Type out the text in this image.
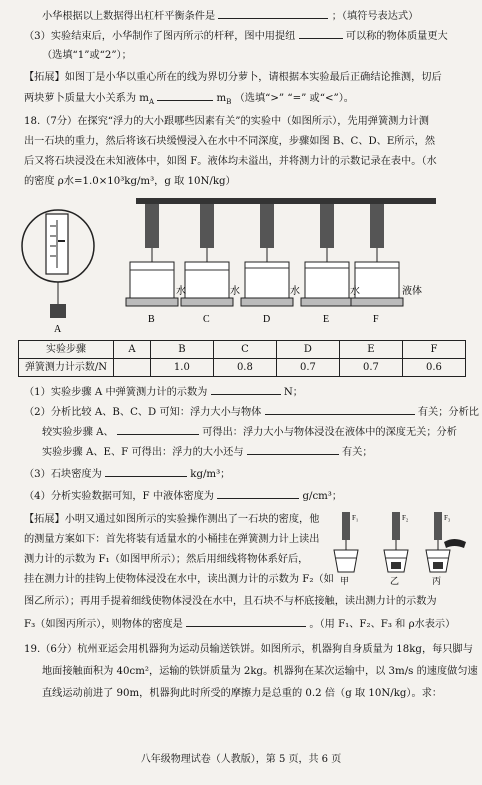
小华根据以上数据得出杠杆平衡条件是	；（填符号表达式）
（3）实验结束后，小华制作了图丙所示的杆秤，图中用提纽	可以称的物体质量更大
（选填“1”或“2”）；
【拓展】如图丁是小华以重心所在的线为界切分萝卜，请根据本实验最后正确结论推测，切后
两块萝卜质量大小关系为 $m_A$	$m_B$ （选填“>” “=” 或“<”）。
18.（7分）在探究“浮力的大小跟哪些因素有关”的实验中（如图所示），先用弹簧测力计测
出一石块的重力，然后将该石块缓慢浸入在水中不同深度，步骤如图 B、C、D、E所示，然
后又将石块浸没在未知液体中，如图 F。液体均未溢出，并将测力计的示数记录在表中。（水
的密度 ρ水=1.0×10³kg/m³，g 取 10N/kg）
A
B	C	D	E	F
水	水	水	水	液体
实验步骤	A	B	C	D	E	F
弹簧测力计示数/N		1.0	0.8	0.7	0.7	0.6
（1）实验步骤 A 中弹簧测力计的示数为	N；
（2）分析比较 A、B、C、D 可知：浮力大小与物体	有关；分析比
较实验步骤 A、	可得出：浮力大小与物体浸没在液体中的深度无关；分析
实验步骤 A、E、F 可得出：浮力的大小还与	有关；
（3）石块密度为	kg/m³；
（4）分析实验数据可知，F 中液体密度为	g/cm³；
【拓展】小明又通过如图所示的实验操作测出了一石块的密度，他
的测量方案如下：首先将装有适量水的小桶挂在弹簧测力计上读出
测力计的示数为 F₁（如图甲所示）；然后用细线将物体系好后，
挂在测力计的挂钩上使物体浸没在水中，读出测力计的示数为 F₂（如
F₁	F₂	F₃
甲	乙	丙
图乙所示）；再用手提着细线使物体浸没在水中，且石块不与杯底接触，读出测力计的示数为
F₃（如图丙所示），则物体的密度是	。（用 F₁、F₂、F₃ 和 ρ水表示）
19.（6分）杭州亚运会用机器狗为运动员输送铁饼。如图所示，机器狗自身质量为 18kg，每只脚与
地面接触面积为 40cm²，运输的铁饼质量为 2kg。机器狗在某次运输中，以 3m/s 的速度做匀速
直线运动前进了 90m，机器狗此时所受的摩擦力是总重的 0.2 倍（g 取 10N/kg）。求：
八年级物理试卷（人教版），第 5 页，共 6 页
